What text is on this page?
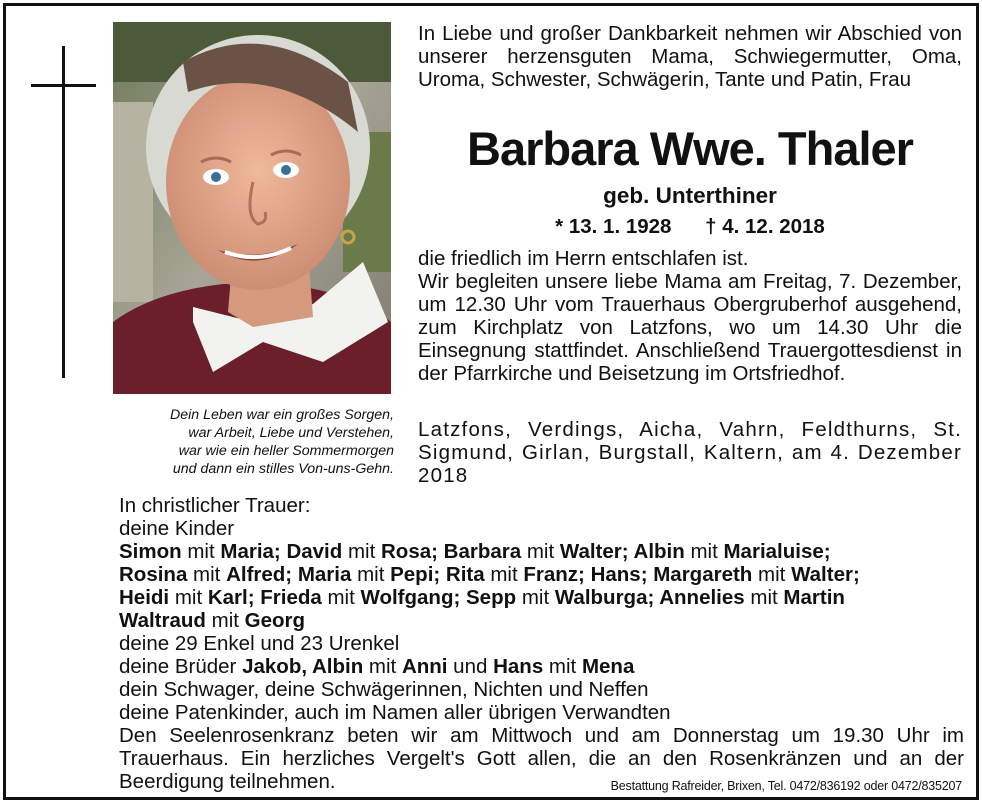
Dein Leben war ein großes Sorgen,
war Arbeit, Liebe und Verstehen,
war wie ein heller Sommermorgen
und dann ein stilles Von-uns-Gehn.
In Liebe und großer Dankbarkeit nehmen wir Abschied von unserer herzensguten Mama, Schwiegermutter, Oma, Uroma, Schwester, Schwägerin, Tante und Patin, Frau
Barbara Wwe. Thaler
geb. Unterthiner
* 13. 1. 1928 † 4. 12. 2018

die friedlich im Herrn entschlafen ist.

Wir begleiten unsere liebe Mama am Freitag, 7. Dezember, um 12.30 Uhr vom Trauerhaus Obergruberhof ausgehend, zum Kirchplatz von Latzfons, wo um 14.30 Uhr die Einsegnung stattfindet. Anschließend Trauergottesdienst in der Pfarrkirche und Beisetzung im Ortsfriedhof.

Latzfons, Verdings, Aicha, Vahrn, Feldthurns, St. Sigmund, Girlan, Burgstall, Kaltern, am 4. Dezember 2018
In christlicher Trauer:
deine Kinder
Simon mit Maria; David mit Rosa; Barbara mit Walter; Albin mit Marialuise;
Rosina mit Alfred; Maria mit Pepi; Rita mit Franz; Hans; Margareth mit Walter;
Heidi mit Karl; Frieda mit Wolfgang; Sepp mit Walburga; Annelies mit Martin
Waltraud mit Georg
deine 29 Enkel und 23 Urenkel
deine Brüder Jakob, Albin mit Anni und Hans mit Mena
dein Schwager, deine Schwägerinnen, Nichten und Neffen
deine Patenkinder, auch im Namen aller übrigen Verwandten
Den Seelenrosenkranz beten wir am Mittwoch und am Donnerstag um 19.30 Uhr im Trauerhaus. Ein herzliches Vergelt's Gott allen, die an den Rosenkränzen und an der Beerdigung teilnehmen.	Bestattung Rafreider, Brixen, Tel. 0472/836192 oder 0472/835207
